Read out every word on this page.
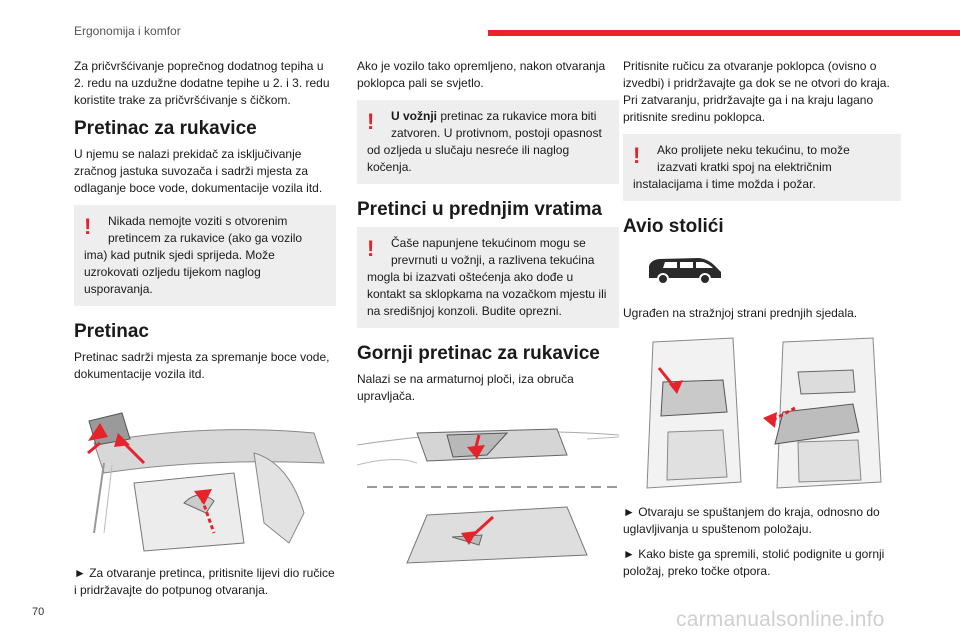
Ergonomija i komfor

Za pričvršćivanje poprečnog dodatnog tepiha u 2. redu na uzdužne dodatne tepihe u 2. i 3. redu koristite trake za pričvršćivanje s čičkom.

Pretinac za rukavice

U njemu se nalazi prekidač za isključivanje zračnog jastuka suvozača i sadrži mjesta za odlaganje boce vode, dokumentacije vozila itd.

!	Nikada nemojte voziti s otvorenim pretincem za rukavice (ako ga vozilo ima) kad putnik sjedi sprijeda. Može uzrokovati ozljedu tijekom naglog usporavanja.
Pretinac

Pretinac sadrži mjesta za spremanje boce vode, dokumentacije vozila itd.

► Za otvaranje pretinca, pritisnite lijevi dio ručice i pridržavajte do potpunog otvaranja.

Ako je vozilo tako opremljeno, nakon otvaranja poklopca pali se svjetlo.

!	U vožnji pretinac za rukavice mora biti zatvoren. U protivnom, postoji opasnost od ozljeda u slučaju nesreće ili naglog kočenja.
Pretinci u prednjim vratima
!	Čaše napunjene tekućinom mogu se prevrnuti u vožnji, a razlivena tekućina mogla bi izazvati oštećenja ako dođe u kontakt sa sklopkama na vozačkom mjestu ili na središnjoj konzoli. Budite oprezni.
Gornji pretinac za rukavice

Nalazi se na armaturnoj ploči, iza obruča upravljača.

Pritisnite ručicu za otvaranje poklopca (ovisno o izvedbi) i pridržavajte ga dok se ne otvori do kraja.
Pri zatvaranju, pridržavajte ga i na kraju lagano pritisnite sredinu poklopca.

!	Ako prolijete neku tekućinu, to može izazvati kratki spoj na električnim instalacijama i time možda i požar.
Avio stolići

Ugrađen na stražnjoj strani prednjih sjedala.

► Otvaraju se spuštanjem do kraja, odnosno do uglavljivanja u spuštenom položaju.

► Kako biste ga spremili, stolić podignite u gornji položaj, preko točke otpora.

70	carmanualsonline.info
